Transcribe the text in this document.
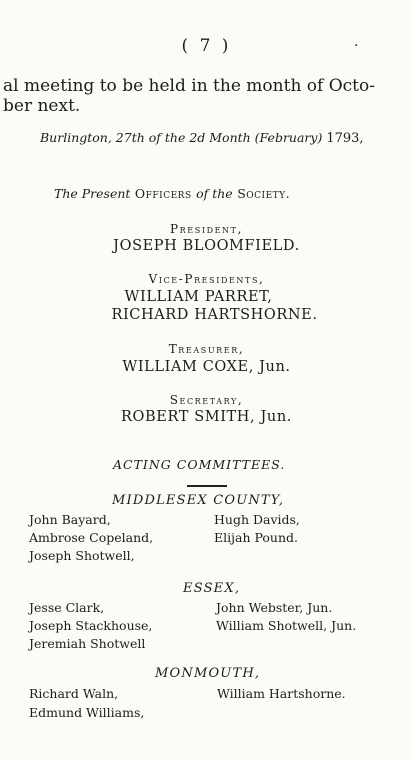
( 7 )	·
al meeting to be held in the month of Octo-
ber next.
Burlington, 27th of the 2d Month (February) 1793,
The Present Officers of the Society.
President,
JOSEPH BLOOMFIELD.
Vice-Presidents,
WILLIAM PARRET,
RICHARD HARTSHORNE.
Treasurer,
WILLIAM COXE, Jun.
Secretary,
ROBERT SMITH, Jun.
ACTING COMMITTEES.
MIDDLESEX COUNTY,
John Bayard,
Ambrose Copeland,
Joseph Shotwell,
Hugh Davids,
Elijah Pound.
ESSEX,
Jesse Clark,
Joseph Stackhouse,
Jeremiah Shotwell
John Webster, Jun.
William Shotwell, Jun.
MONMOUTH,
Richard Waln,
Edmund Williams,
William Hartshorne.
